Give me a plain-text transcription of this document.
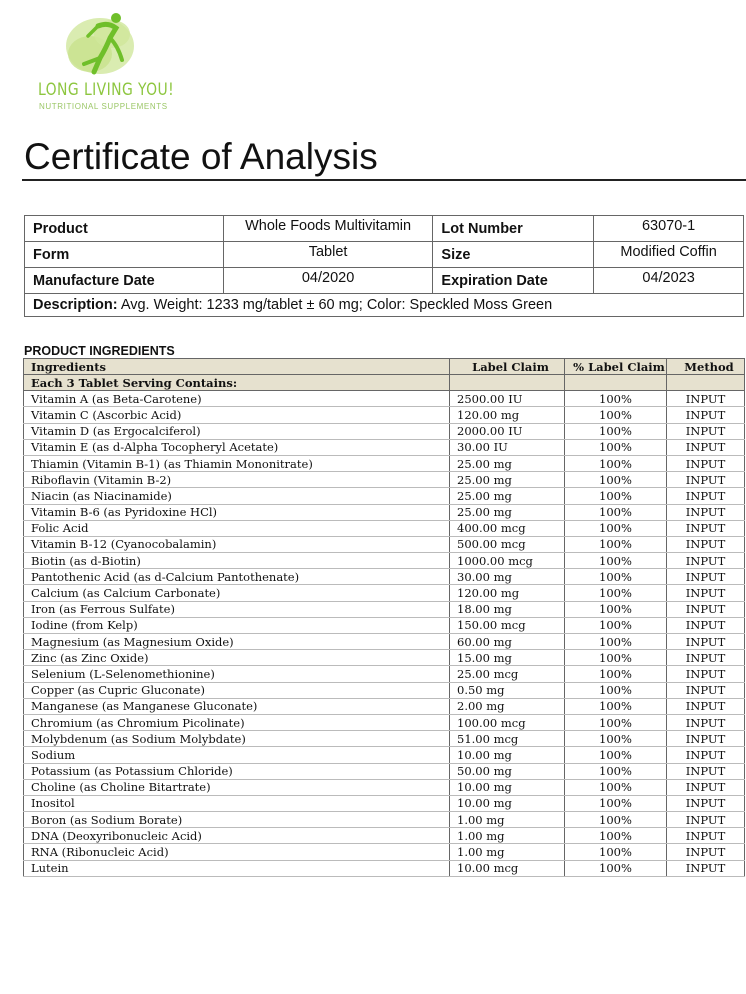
LONG LIVING YOU!
NUTRITIONAL SUPPLEMENTS
Certificate of Analysis
Product	Whole Foods Multivitamin	Lot Number	63070-1
Form	Tablet	Size	Modified Coffin
Manufacture Date	04/2020	Expiration Date	04/2023
Description: Avg. Weight: 1233 mg/tablet ± 60 mg; Color: Speckled Moss Green			
PRODUCT INGREDIENTS
Ingredients	Label Claim	% Label Claim	Method
Each 3 Tablet Serving Contains:			
Vitamin A (as Beta-Carotene)	2500.00 IU	100%	INPUT
Vitamin C (Ascorbic Acid)	120.00 mg	100%	INPUT
Vitamin D (as Ergocalciferol)	2000.00 IU	100%	INPUT
Vitamin E (as d-Alpha Tocopheryl Acetate)	30.00 IU	100%	INPUT
Thiamin (Vitamin B-1) (as Thiamin Mononitrate)	25.00 mg	100%	INPUT
Riboflavin (Vitamin B-2)	25.00 mg	100%	INPUT
Niacin (as Niacinamide)	25.00 mg	100%	INPUT
Vitamin B-6 (as Pyridoxine HCl)	25.00 mg	100%	INPUT
Folic Acid	400.00 mcg	100%	INPUT
Vitamin B-12 (Cyanocobalamin)	500.00 mcg	100%	INPUT
Biotin (as d-Biotin)	1000.00 mcg	100%	INPUT
Pantothenic Acid (as d-Calcium Pantothenate)	30.00 mg	100%	INPUT
Calcium (as Calcium Carbonate)	120.00 mg	100%	INPUT
Iron (as Ferrous Sulfate)	18.00 mg	100%	INPUT
Iodine (from Kelp)	150.00 mcg	100%	INPUT
Magnesium (as Magnesium Oxide)	60.00 mg	100%	INPUT
Zinc (as Zinc Oxide)	15.00 mg	100%	INPUT
Selenium (L-Selenomethionine)	25.00 mcg	100%	INPUT
Copper (as Cupric Gluconate)	0.50 mg	100%	INPUT
Manganese (as Manganese Gluconate)	2.00 mg	100%	INPUT
Chromium (as Chromium Picolinate)	100.00 mcg	100%	INPUT
Molybdenum (as Sodium Molybdate)	51.00 mcg	100%	INPUT
Sodium	10.00 mg	100%	INPUT
Potassium (as Potassium Chloride)	50.00 mg	100%	INPUT
Choline (as Choline Bitartrate)	10.00 mg	100%	INPUT
Inositol	10.00 mg	100%	INPUT
Boron (as Sodium Borate)	1.00 mg	100%	INPUT
DNA (Deoxyribonucleic Acid)	1.00 mg	100%	INPUT
RNA (Ribonucleic Acid)	1.00 mg	100%	INPUT
Lutein	10.00 mcg	100%	INPUT
